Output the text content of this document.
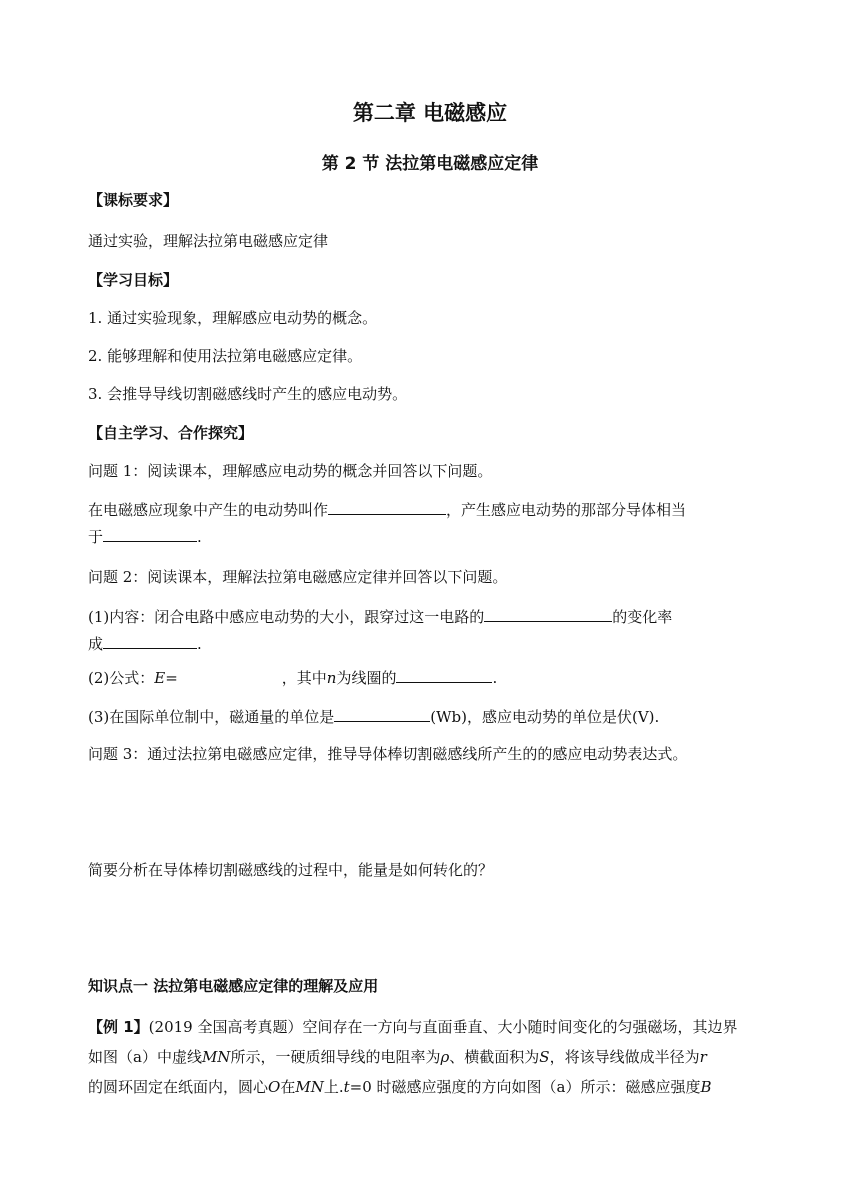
第二章 电磁感应
第 2 节 法拉第电磁感应定律
【课标要求】
通过实验，理解法拉第电磁感应定律
【学习目标】
1. 通过实验现象，理解感应电动势的概念。
2. 能够理解和使用法拉第电磁感应定律。
3. 会推导导线切割磁感线时产生的感应电动势。
【自主学习、合作探究】
问题 1：阅读课本，理解感应电动势的概念并回答以下问题。
在电磁感应现象中产生的电动势叫作	，产生感应电动势的那部分导体相当
于	.
问题 2：阅读课本，理解法拉第电磁感应定律并回答以下问题。
(1)内容：闭合电路中感应电动势的大小，跟穿过这一电路的	的变化率
成	.
(2)公式：E=	，其中n为线圈的	.
(3)在国际单位制中，磁通量的单位是	(Wb)，感应电动势的单位是伏(V).
问题 3：通过法拉第电磁感应定律，推导导体棒切割磁感线所产生的的感应电动势表达式。
简要分析在导体棒切割磁感线的过程中，能量是如何转化的？
知识点一 法拉第电磁感应定律的理解及应用
【例 1】(2019 全国高考真题）空间存在一方向与直面垂直、大小随时间变化的匀强磁场，其边界
如图（a）中虚线MN所示，一硬质细导线的电阻率为ρ、横截面积为S，将该导线做成半径为r
的圆环固定在纸面内，圆心O在MN上.t=0 时磁感应强度的方向如图（a）所示：磁感应强度B
